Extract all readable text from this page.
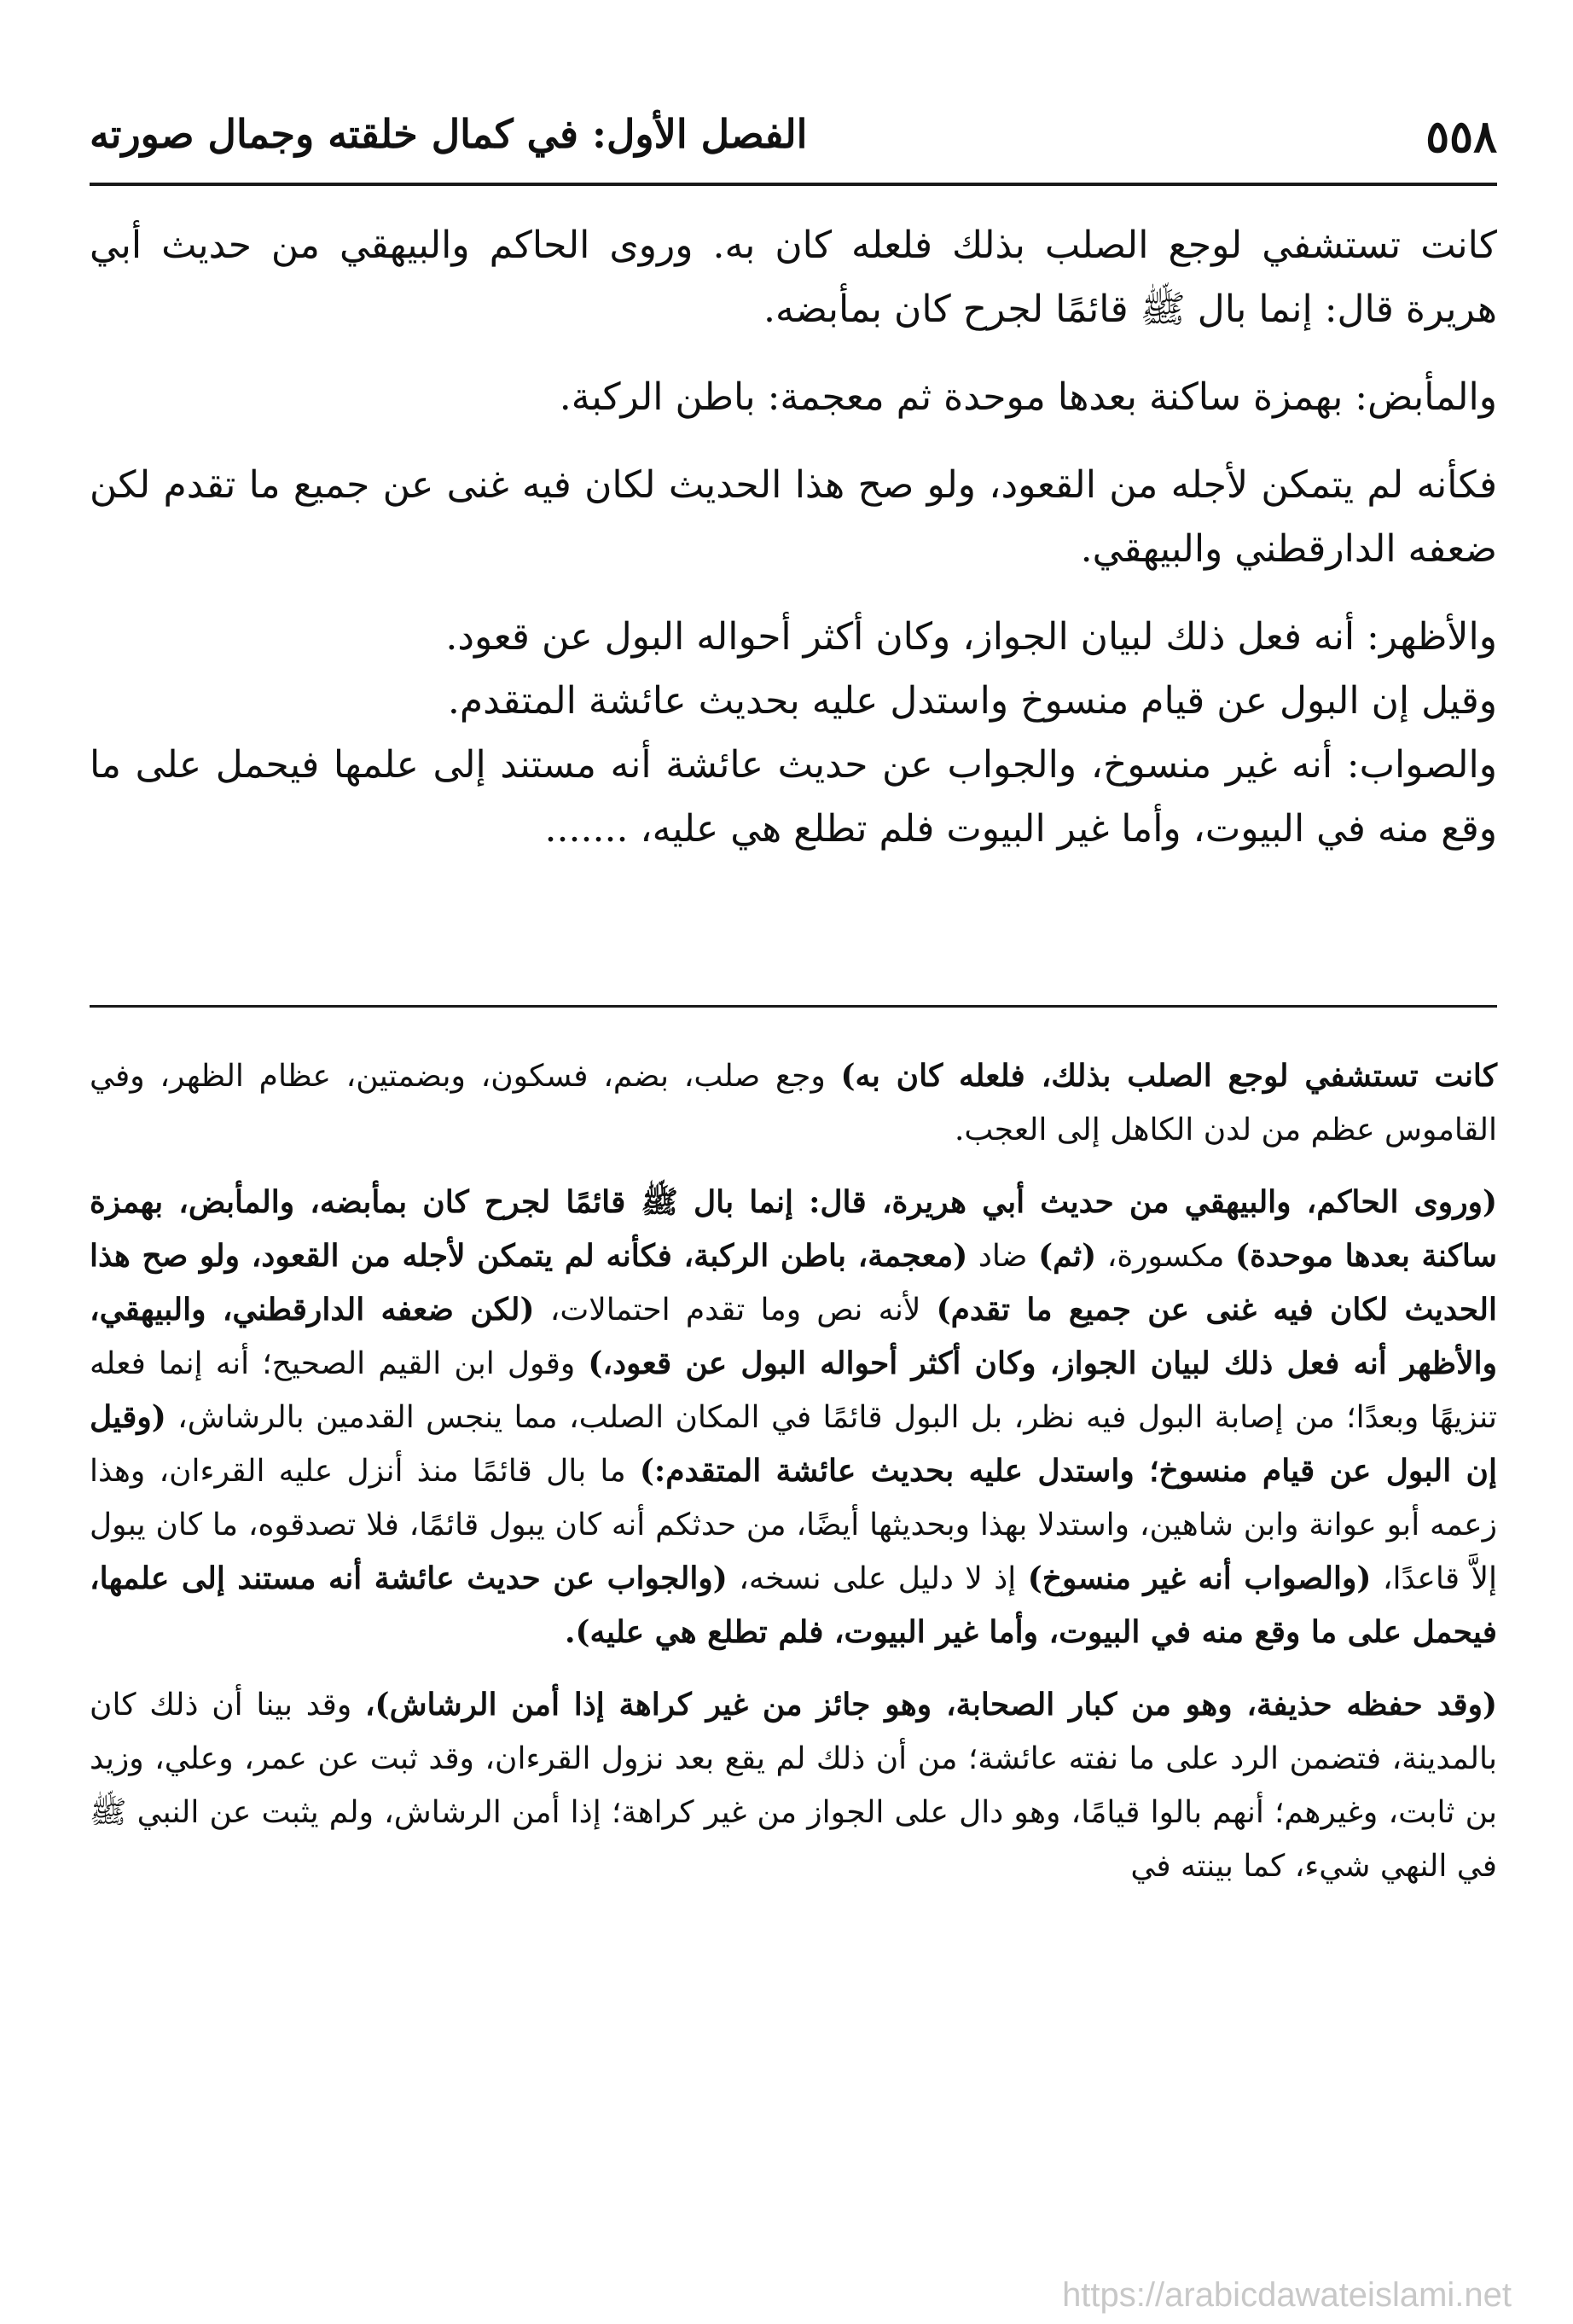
٥٥٨
الفصل الأول: في كمال خلقته وجمال صورته

كانت تستشفي لوجع الصلب بذلك فلعله كان به. وروى الحاكم والبيهقي من حديث أبي هريرة قال: إنما بال ﷺ قائمًا لجرح كان بمأبضه.

والمأبض: بهمزة ساكنة بعدها موحدة ثم معجمة: باطن الركبة.

فكأنه لم يتمكن لأجله من القعود، ولو صح هذا الحديث لكان فيه غنى عن جميع ما تقدم لكن ضعفه الدارقطني والبيهقي.

والأظهر: أنه فعل ذلك لبيان الجواز، وكان أكثر أحواله البول عن قعود.

وقيل إن البول عن قيام منسوخ واستدل عليه بحديث عائشة المتقدم.

والصواب: أنه غير منسوخ، والجواب عن حديث عائشة أنه مستند إلى علمها فيحمل على ما وقع منه في البيوت، وأما غير البيوت فلم تطلع هي عليه، .......

كانت تستشفي لوجع الصلب بذلك، فلعله كان به) وجع صلب، بضم، فسكون، وبضمتين، عظام الظهر، وفي القاموس عظم من لدن الكاهل إلى العجب.

(وروى الحاكم، والبيهقي من حديث أبي هريرة، قال: إنما بال ﷺ قائمًا لجرح كان بمأبضه، والمأبض، بهمزة ساكنة بعدها موحدة) مكسورة، (ثم) ضاد (معجمة، باطن الركبة، فكأنه لم يتمكن لأجله من القعود، ولو صح هذا الحديث لكان فيه غنى عن جميع ما تقدم) لأنه نص وما تقدم احتمالات، (لكن ضعفه الدارقطني، والبيهقي، والأظهر أنه فعل ذلك لبيان الجواز، وكان أكثر أحواله البول عن قعود،) وقول ابن القيم الصحيح؛ أنه إنما فعله تنزيهًا وبعدًا؛ من إصابة البول فيه نظر، بل البول قائمًا في المكان الصلب، مما ينجس القدمين بالرشاش، (وقيل إن البول عن قيام منسوخ؛ واستدل عليه بحديث عائشة المتقدم:) ما بال قائمًا منذ أنزل عليه القرءان، وهذا زعمه أبو عوانة وابن شاهين، واستدلا بهذا وبحديثها أيضًا، من حدثكم أنه كان يبول قائمًا، فلا تصدقوه، ما كان يبول إلاَّ قاعدًا، (والصواب أنه غير منسوخ) إذ لا دليل على نسخه، (والجواب عن حديث عائشة أنه مستند إلى علمها، فيحمل على ما وقع منه في البيوت، وأما غير البيوت، فلم تطلع هي عليه).

(وقد حفظه حذيفة، وهو من كبار الصحابة، وهو جائز من غير كراهة إذا أمن الرشاش)، وقد بينا أن ذلك كان بالمدينة، فتضمن الرد على ما نفته عائشة؛ من أن ذلك لم يقع بعد نزول القرءان، وقد ثبت عن عمر، وعلي، وزيد بن ثابت، وغيرهم؛ أنهم بالوا قيامًا، وهو دال على الجواز من غير كراهة؛ إذا أمن الرشاش، ولم يثبت عن النبي ﷺ في النهي شيء، كما بينته في

https://arabicdawateislami.net
